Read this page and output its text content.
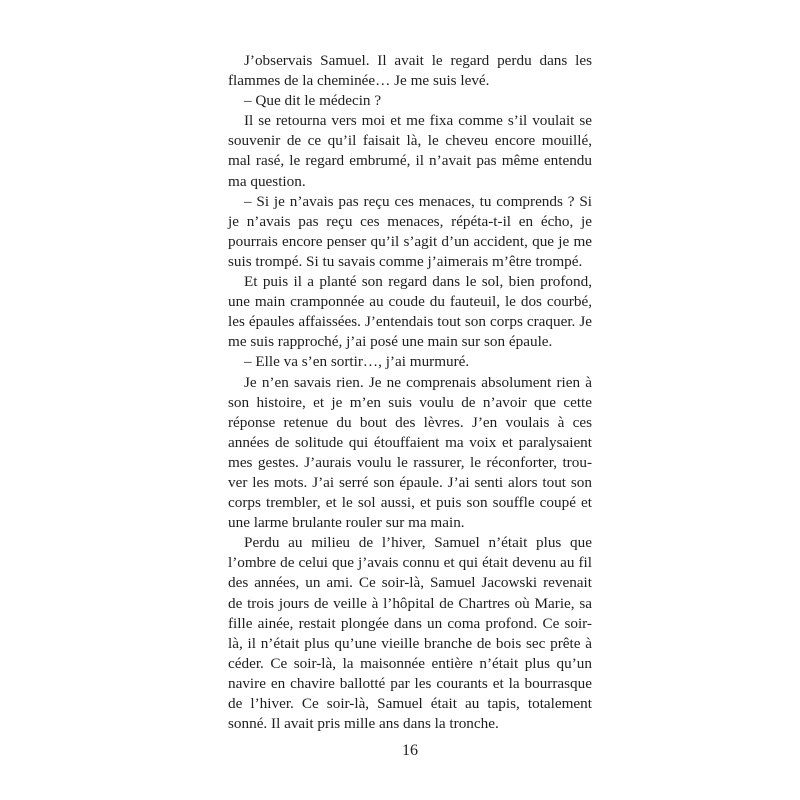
J’observais Samuel. Il avait le regard perdu dans les flammes de la cheminée… Je me suis levé.

– Que dit le médecin ?

Il se retourna vers moi et me fixa comme s’il voulait se souvenir de ce qu’il faisait là, le cheveu encore mouillé, mal rasé, le regard embrumé, il n’avait pas même entendu ma question.

– Si je n’avais pas reçu ces menaces, tu comprends ? Si je n’avais pas reçu ces menaces, répéta-t-il en écho, je pourrais encore penser qu’il s’agit d’un accident, que je me suis trompé. Si tu savais comme j’aimerais m’être trompé.

Et puis il a planté son regard dans le sol, bien profond, une main cramponnée au coude du fauteuil, le dos courbé, les épaules affaissées. J’entendais tout son corps craquer. Je me suis rapproché, j’ai posé une main sur son épaule.

– Elle va s’en sortir…, j’ai murmuré.

Je n’en savais rien. Je ne comprenais absolument rien à son histoire, et je m’en suis voulu de n’avoir que cette réponse retenue du bout des lèvres. J’en voulais à ces années de solitude qui étouffaient ma voix et paralysaient mes gestes. J’aurais voulu le rassurer, le réconforter, trouver les mots. J’ai serré son épaule. J’ai senti alors tout son corps trembler, et le sol aussi, et puis son souffle coupé et une larme brulante rouler sur ma main.

Perdu au milieu de l’hiver, Samuel n’était plus que l’ombre de celui que j’avais connu et qui était devenu au fil des années, un ami. Ce soir-là, Samuel Jacowski revenait de trois jours de veille à l’hôpital de Chartres où Marie, sa fille ainée, restait plongée dans un coma profond. Ce soir-là, il n’était plus qu’une vieille branche de bois sec prête à céder. Ce soir-là, la maisonnée entière n’était plus qu’un navire en chavire ballotté par les courants et la bourrasque de l’hiver. Ce soir-là, Samuel était au tapis, totalement sonné. Il avait pris mille ans dans la tronche.

16
